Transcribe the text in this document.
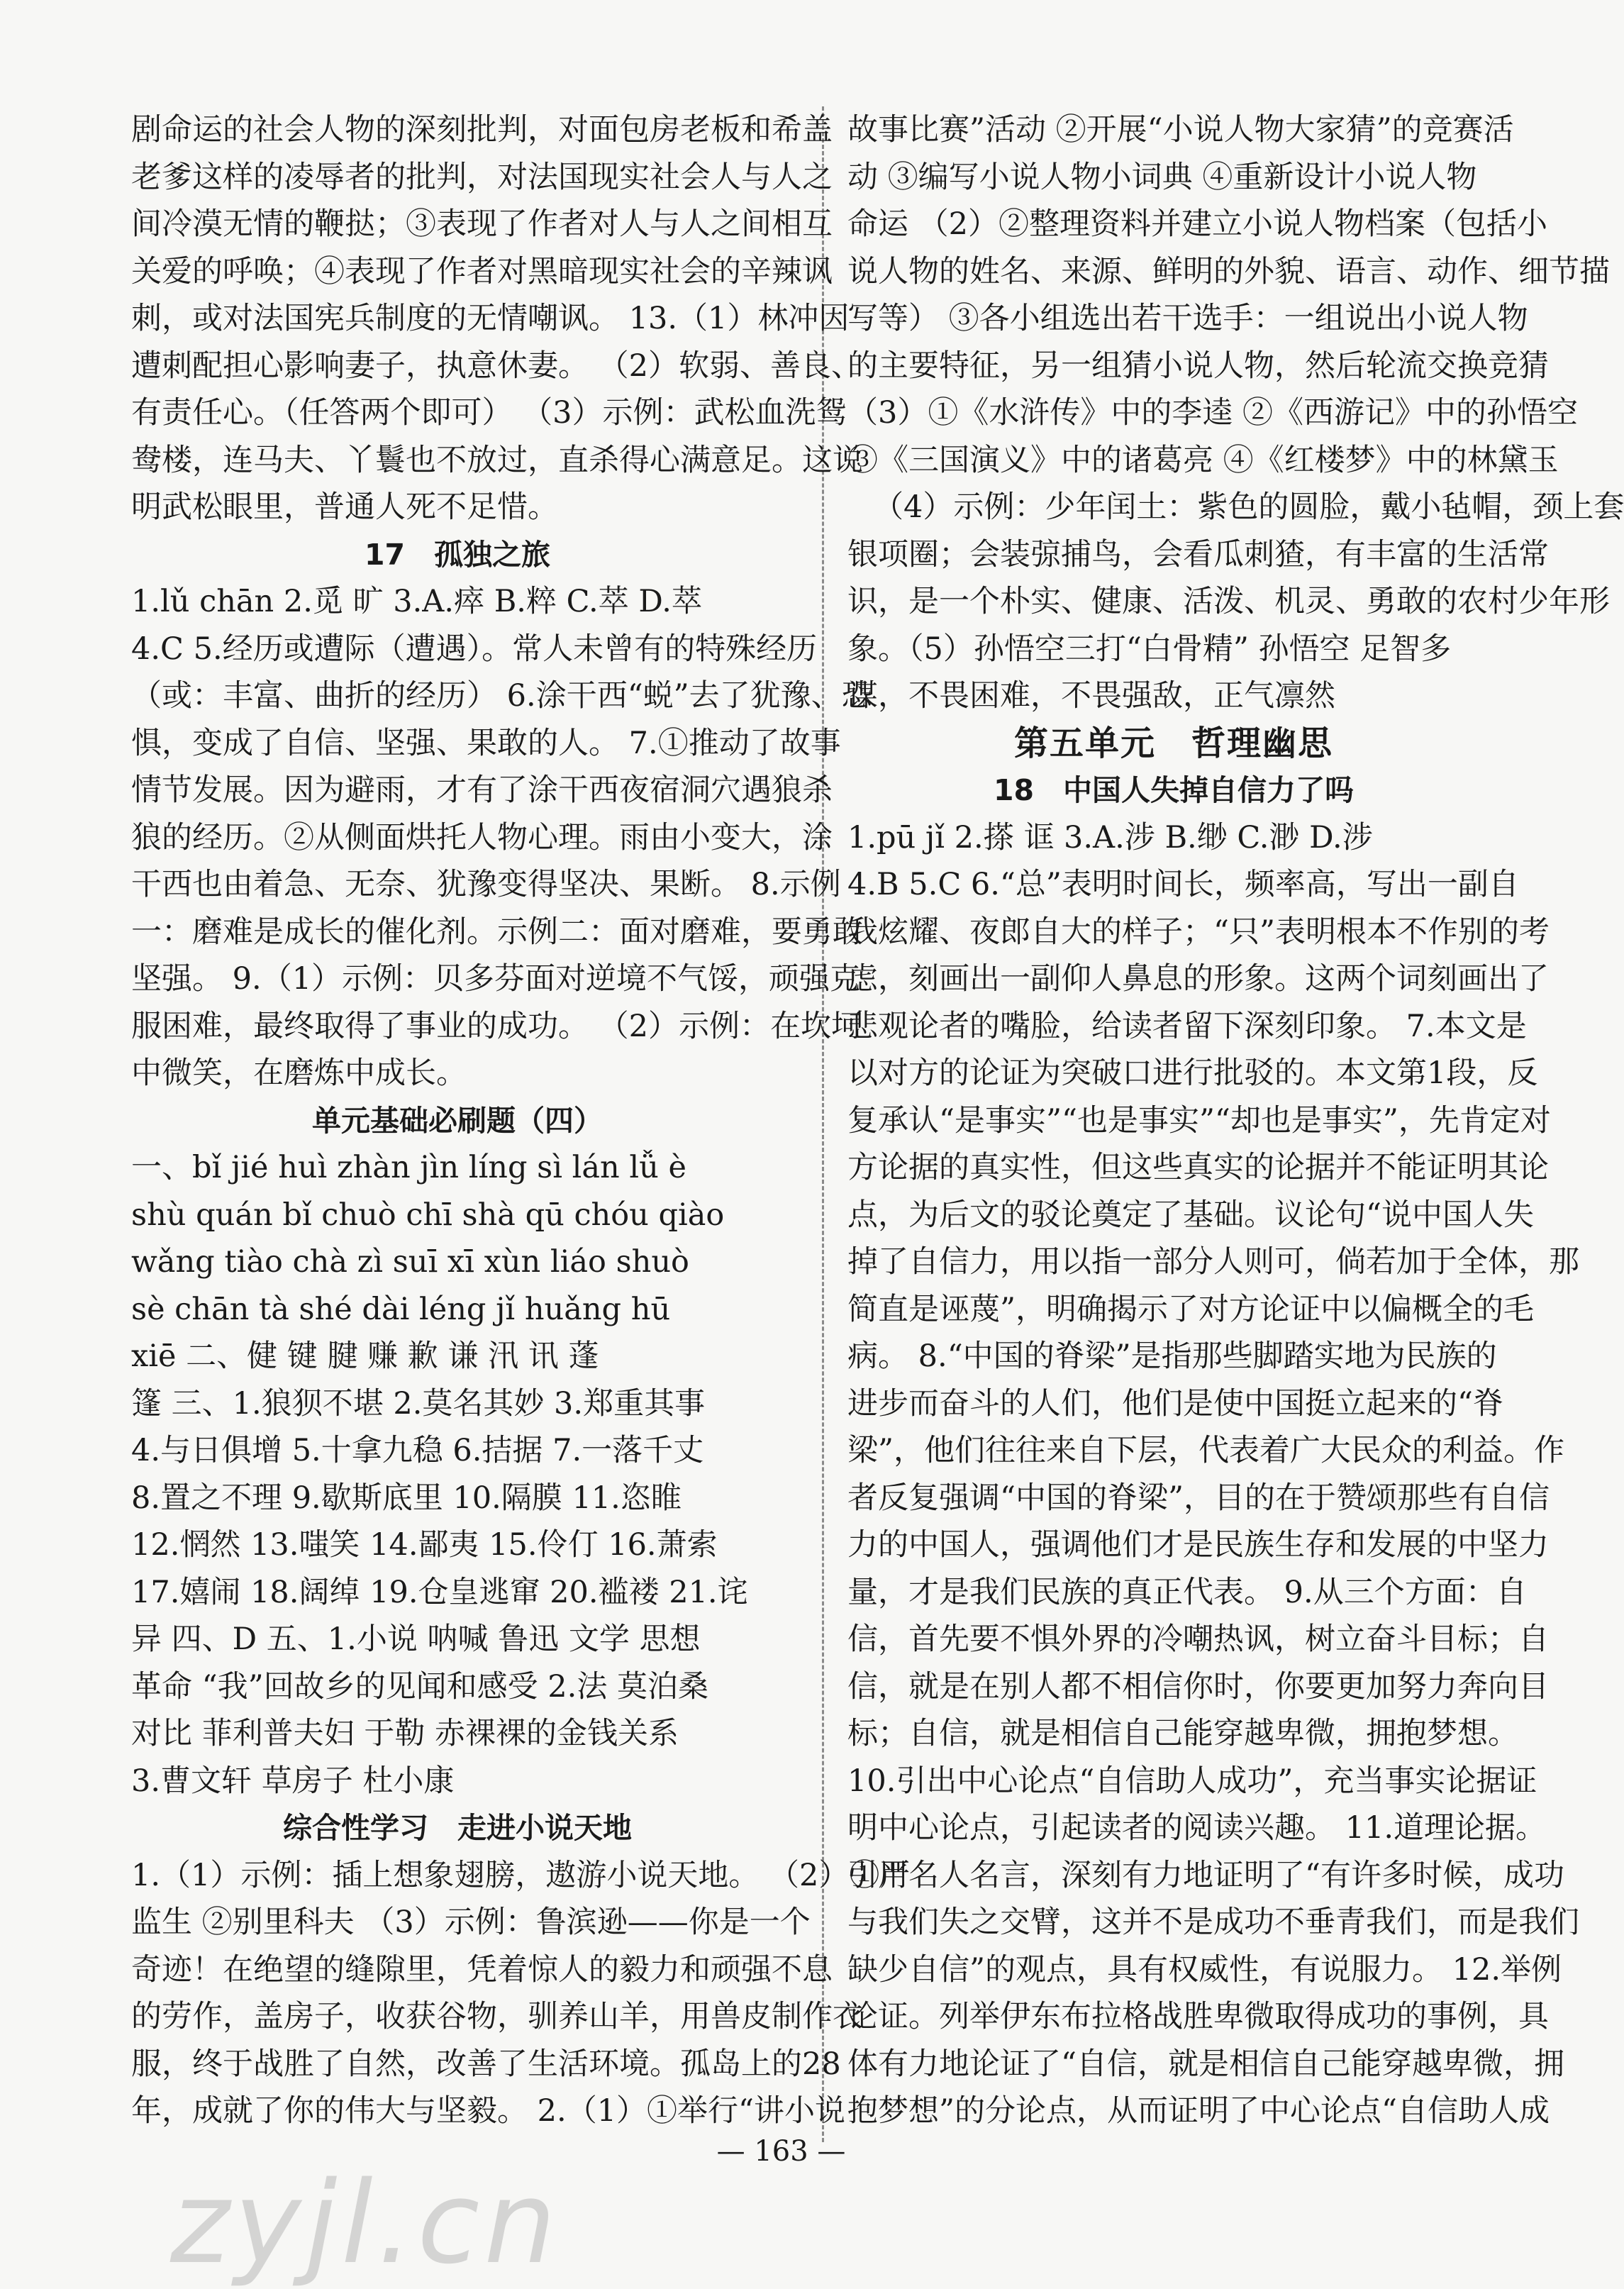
剧命运的社会人物的深刻批判，对面包房老板和希盖
老爹这样的凌辱者的批判，对法国现实社会人与人之
间冷漠无情的鞭挞；③表现了作者对人与人之间相互
关爱的呼唤；④表现了作者对黑暗现实社会的辛辣讽
刺，或对法国宪兵制度的无情嘲讽。 13.（1）林冲因
遭刺配担心影响妻子，执意休妻。 （2）软弱、善良、
有责任心。（任答两个即可） （3）示例：武松血洗鸳
鸯楼，连马夫、丫鬟也不放过，直杀得心满意足。这说
明武松眼里，普通人死不足惜。
17　孤独之旅
1.lǔ chān 2.觅 旷 3.A.瘁 B.粹 C.萃 D.萃
4.C 5.经历或遭际（遭遇）。常人未曾有的特殊经历
（或：丰富、曲折的经历） 6.涂干西“蜕”去了犹豫、恐
惧，变成了自信、坚强、果敢的人。 7.①推动了故事
情节发展。因为避雨，才有了涂干西夜宿洞穴遇狼杀
狼的经历。②从侧面烘托人物心理。雨由小变大，涂
干西也由着急、无奈、犹豫变得坚决、果断。 8.示例
一：磨难是成长的催化剂。示例二：面对磨难，要勇敢
坚强。 9.（1）示例：贝多芬面对逆境不气馁，顽强克
服困难，最终取得了事业的成功。 （2）示例：在坎坷
中微笑，在磨炼中成长。
单元基础必刷题（四）
一、bǐ jié huì zhàn jìn líng sì lán lǚ è
shù quán bǐ chuò chī shà qū chóu qiào
wǎng tiào chà zì suī xī xùn liáo shuò
sè chān tà shé dài léng jǐ huǎng hū
xiē 二、健 键 腱 赚 歉 谦 汛 讯 蓬
篷 三、1.狼狈不堪 2.莫名其妙 3.郑重其事
4.与日俱增 5.十拿九稳 6.拮据 7.一落千丈
8.置之不理 9.歇斯底里 10.隔膜 11.恣睢
12.惘然 13.嗤笑 14.鄙夷 15.伶仃 16.萧索
17.嬉闹 18.阔绰 19.仓皇逃窜 20.褴褛 21.诧
异 四、D 五、1.小说 呐喊 鲁迅 文学 思想
革命 “我”回故乡的见闻和感受 2.法 莫泊桑
对比 菲利普夫妇 于勒 赤裸裸的金钱关系
3.曹文轩 草房子 杜小康
综合性学习　走进小说天地
1.（1）示例：插上想象翅膀，遨游小说天地。 （2）①严
监生 ②别里科夫 （3）示例：鲁滨逊——你是一个
奇迹！在绝望的缝隙里，凭着惊人的毅力和顽强不息
的劳作，盖房子，收获谷物，驯养山羊，用兽皮制作衣
服，终于战胜了自然，改善了生活环境。孤岛上的28
年，成就了你的伟大与坚毅。 2.（1）①举行“讲小说
故事比赛”活动 ②开展“小说人物大家猜”的竞赛活
动 ③编写小说人物小词典 ④重新设计小说人物
命运 （2）②整理资料并建立小说人物档案（包括小
说人物的姓名、来源、鲜明的外貌、语言、动作、细节描
写等） ③各小组选出若干选手：一组说出小说人物
的主要特征，另一组猜小说人物，然后轮流交换竞猜
（3）①《水浒传》中的李逵 ②《西游记》中的孙悟空
③《三国演义》中的诸葛亮 ④《红楼梦》中的林黛玉
（4）示例：少年闰土：紫色的圆脸，戴小毡帽，颈上套
银项圈；会装弶捕鸟，会看瓜刺猹，有丰富的生活常
识，是一个朴实、健康、活泼、机灵、勇敢的农村少年形
象。（5）孙悟空三打“白骨精” 孙悟空 足智多
谋，不畏困难，不畏强敌，正气凛然
第五单元　哲理幽思
18　中国人失掉自信力了吗
1.pū jǐ 2.搽 诓 3.A.涉 B.缈 C.渺 D.涉
4.B 5.C 6.“总”表明时间长，频率高，写出一副自
我炫耀、夜郎自大的样子；“只”表明根本不作别的考
虑，刻画出一副仰人鼻息的形象。这两个词刻画出了
悲观论者的嘴脸，给读者留下深刻印象。 7.本文是
以对方的论证为突破口进行批驳的。本文第1段，反
复承认“是事实”“也是事实”“却也是事实”，先肯定对
方论据的真实性，但这些真实的论据并不能证明其论
点，为后文的驳论奠定了基础。议论句“说中国人失
掉了自信力，用以指一部分人则可，倘若加于全体，那
简直是诬蔑”，明确揭示了对方论证中以偏概全的毛
病。 8.“中国的脊梁”是指那些脚踏实地为民族的
进步而奋斗的人们，他们是使中国挺立起来的“脊
梁”，他们往往来自下层，代表着广大民众的利益。作
者反复强调“中国的脊梁”，目的在于赞颂那些有自信
力的中国人，强调他们才是民族生存和发展的中坚力
量，才是我们民族的真正代表。 9.从三个方面：自
信，首先要不惧外界的冷嘲热讽，树立奋斗目标；自
信，就是在别人都不相信你时，你要更加努力奔向目
标；自信，就是相信自己能穿越卑微，拥抱梦想。
10.引出中心论点“自信助人成功”，充当事实论据证
明中心论点，引起读者的阅读兴趣。 11.道理论据。
引用名人名言，深刻有力地证明了“有许多时候，成功
与我们失之交臂，这并不是成功不垂青我们，而是我们
缺少自信”的观点，具有权威性，有说服力。 12.举例
论证。列举伊东布拉格战胜卑微取得成功的事例，具
体有力地论证了“自信，就是相信自己能穿越卑微，拥
抱梦想”的分论点，从而证明了中心论点“自信助人成
— 163 —
zyjl.cn
